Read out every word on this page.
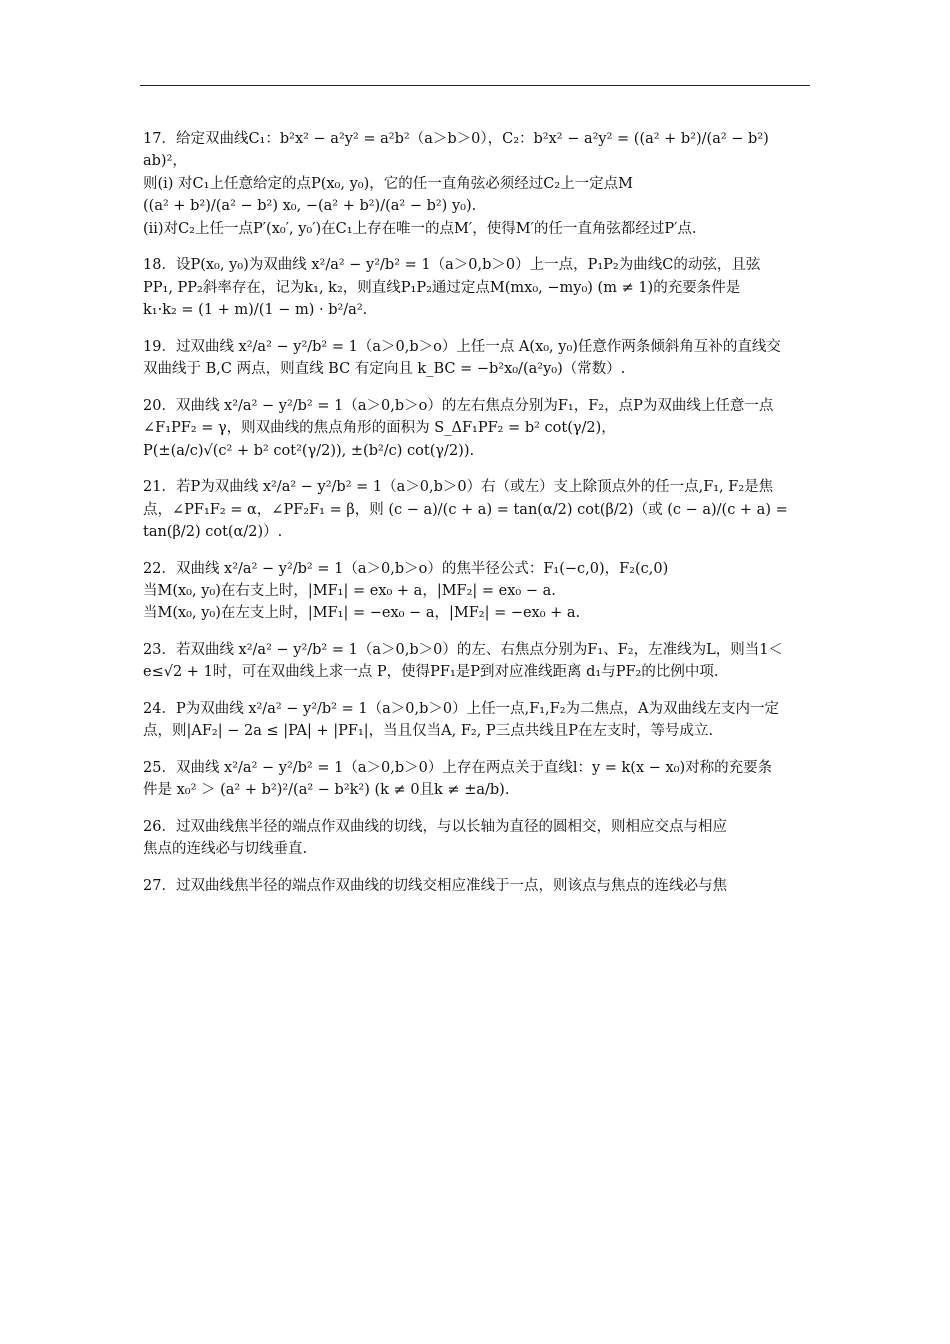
17．给定双曲线C₁：b²x² − a²y² = a²b²（a＞b＞0），C₂：b²x² − a²y² = ((a² + b²)/(a² − b²) ab)²，

则(i) 对C₁上任意给定的点P(x₀, y₀)，它的任一直角弦必须经过C₂上一定点M

((a² + b²)/(a² − b²) x₀, −(a² + b²)/(a² − b²) y₀).

(ii)对C₂上任一点P′(x₀′, y₀′)在C₁上存在唯一的点M′，使得M′的任一直角弦都经过P′点.

18．设P(x₀, y₀)为双曲线 x²/a² − y²/b² = 1（a＞0,b＞0）上一点，P₁P₂为曲线C的动弦，且弦

PP₁, PP₂斜率存在，记为k₁, k₂，则直线P₁P₂通过定点M(mx₀, −my₀) (m ≠ 1)的充要条件是

k₁·k₂ = (1 + m)/(1 − m) · b²/a².

19．过双曲线 x²/a² − y²/b² = 1（a＞0,b＞o）上任一点 A(x₀, y₀)任意作两条倾斜角互补的直线交

双曲线于 B,C 两点，则直线 BC 有定向且 k_BC = −b²x₀/(a²y₀)（常数）.

20．双曲线 x²/a² − y²/b² = 1（a＞0,b＞o）的左右焦点分别为F₁，F₂，点P为双曲线上任意一点

∠F₁PF₂ = γ，则双曲线的焦点角形的面积为 S_ΔF₁PF₂ = b² cot(γ/2)，

P(±(a/c)√(c² + b² cot²(γ/2)), ±(b²/c) cot(γ/2)).

21．若P为双曲线 x²/a² − y²/b² = 1（a＞0,b＞0）右（或左）支上除顶点外的任一点,F₁, F₂是焦

点，∠PF₁F₂ = α，∠PF₂F₁ = β，则 (c − a)/(c + a) = tan(α/2) cot(β/2)（或 (c − a)/(c + a) = tan(β/2) cot(α/2)）.

22．双曲线 x²/a² − y²/b² = 1（a＞0,b＞o）的焦半径公式：F₁(−c,0)，F₂(c,0)

当M(x₀, y₀)在右支上时，|MF₁| = ex₀ + a，|MF₂| = ex₀ − a.

当M(x₀, y₀)在左支上时，|MF₁| = −ex₀ − a，|MF₂| = −ex₀ + a.

23．若双曲线 x²/a² − y²/b² = 1（a＞0,b＞0）的左、右焦点分别为F₁、F₂，左准线为L，则当1＜

e≤√2 + 1时，可在双曲线上求一点 P，使得PF₁是P到对应准线距离 d₁与PF₂的比例中项.

24．P为双曲线 x²/a² − y²/b² = 1（a＞0,b＞0）上任一点,F₁,F₂为二焦点，A为双曲线左支内一定

点，则|AF₂| − 2a ≤ |PA| + |PF₁|，当且仅当A, F₂, P三点共线且P在左支时，等号成立.

25．双曲线 x²/a² − y²/b² = 1（a＞0,b＞0）上存在两点关于直线l：y = k(x − x₀)对称的充要条

件是 x₀² ＞ (a² + b²)²/(a² − b²k²) (k ≠ 0且k ≠ ±a/b).

26．过双曲线焦半径的端点作双曲线的切线，与以长轴为直径的圆相交，则相应交点与相应

焦点的连线必与切线垂直.

27．过双曲线焦半径的端点作双曲线的切线交相应准线于一点，则该点与焦点的连线必与焦
